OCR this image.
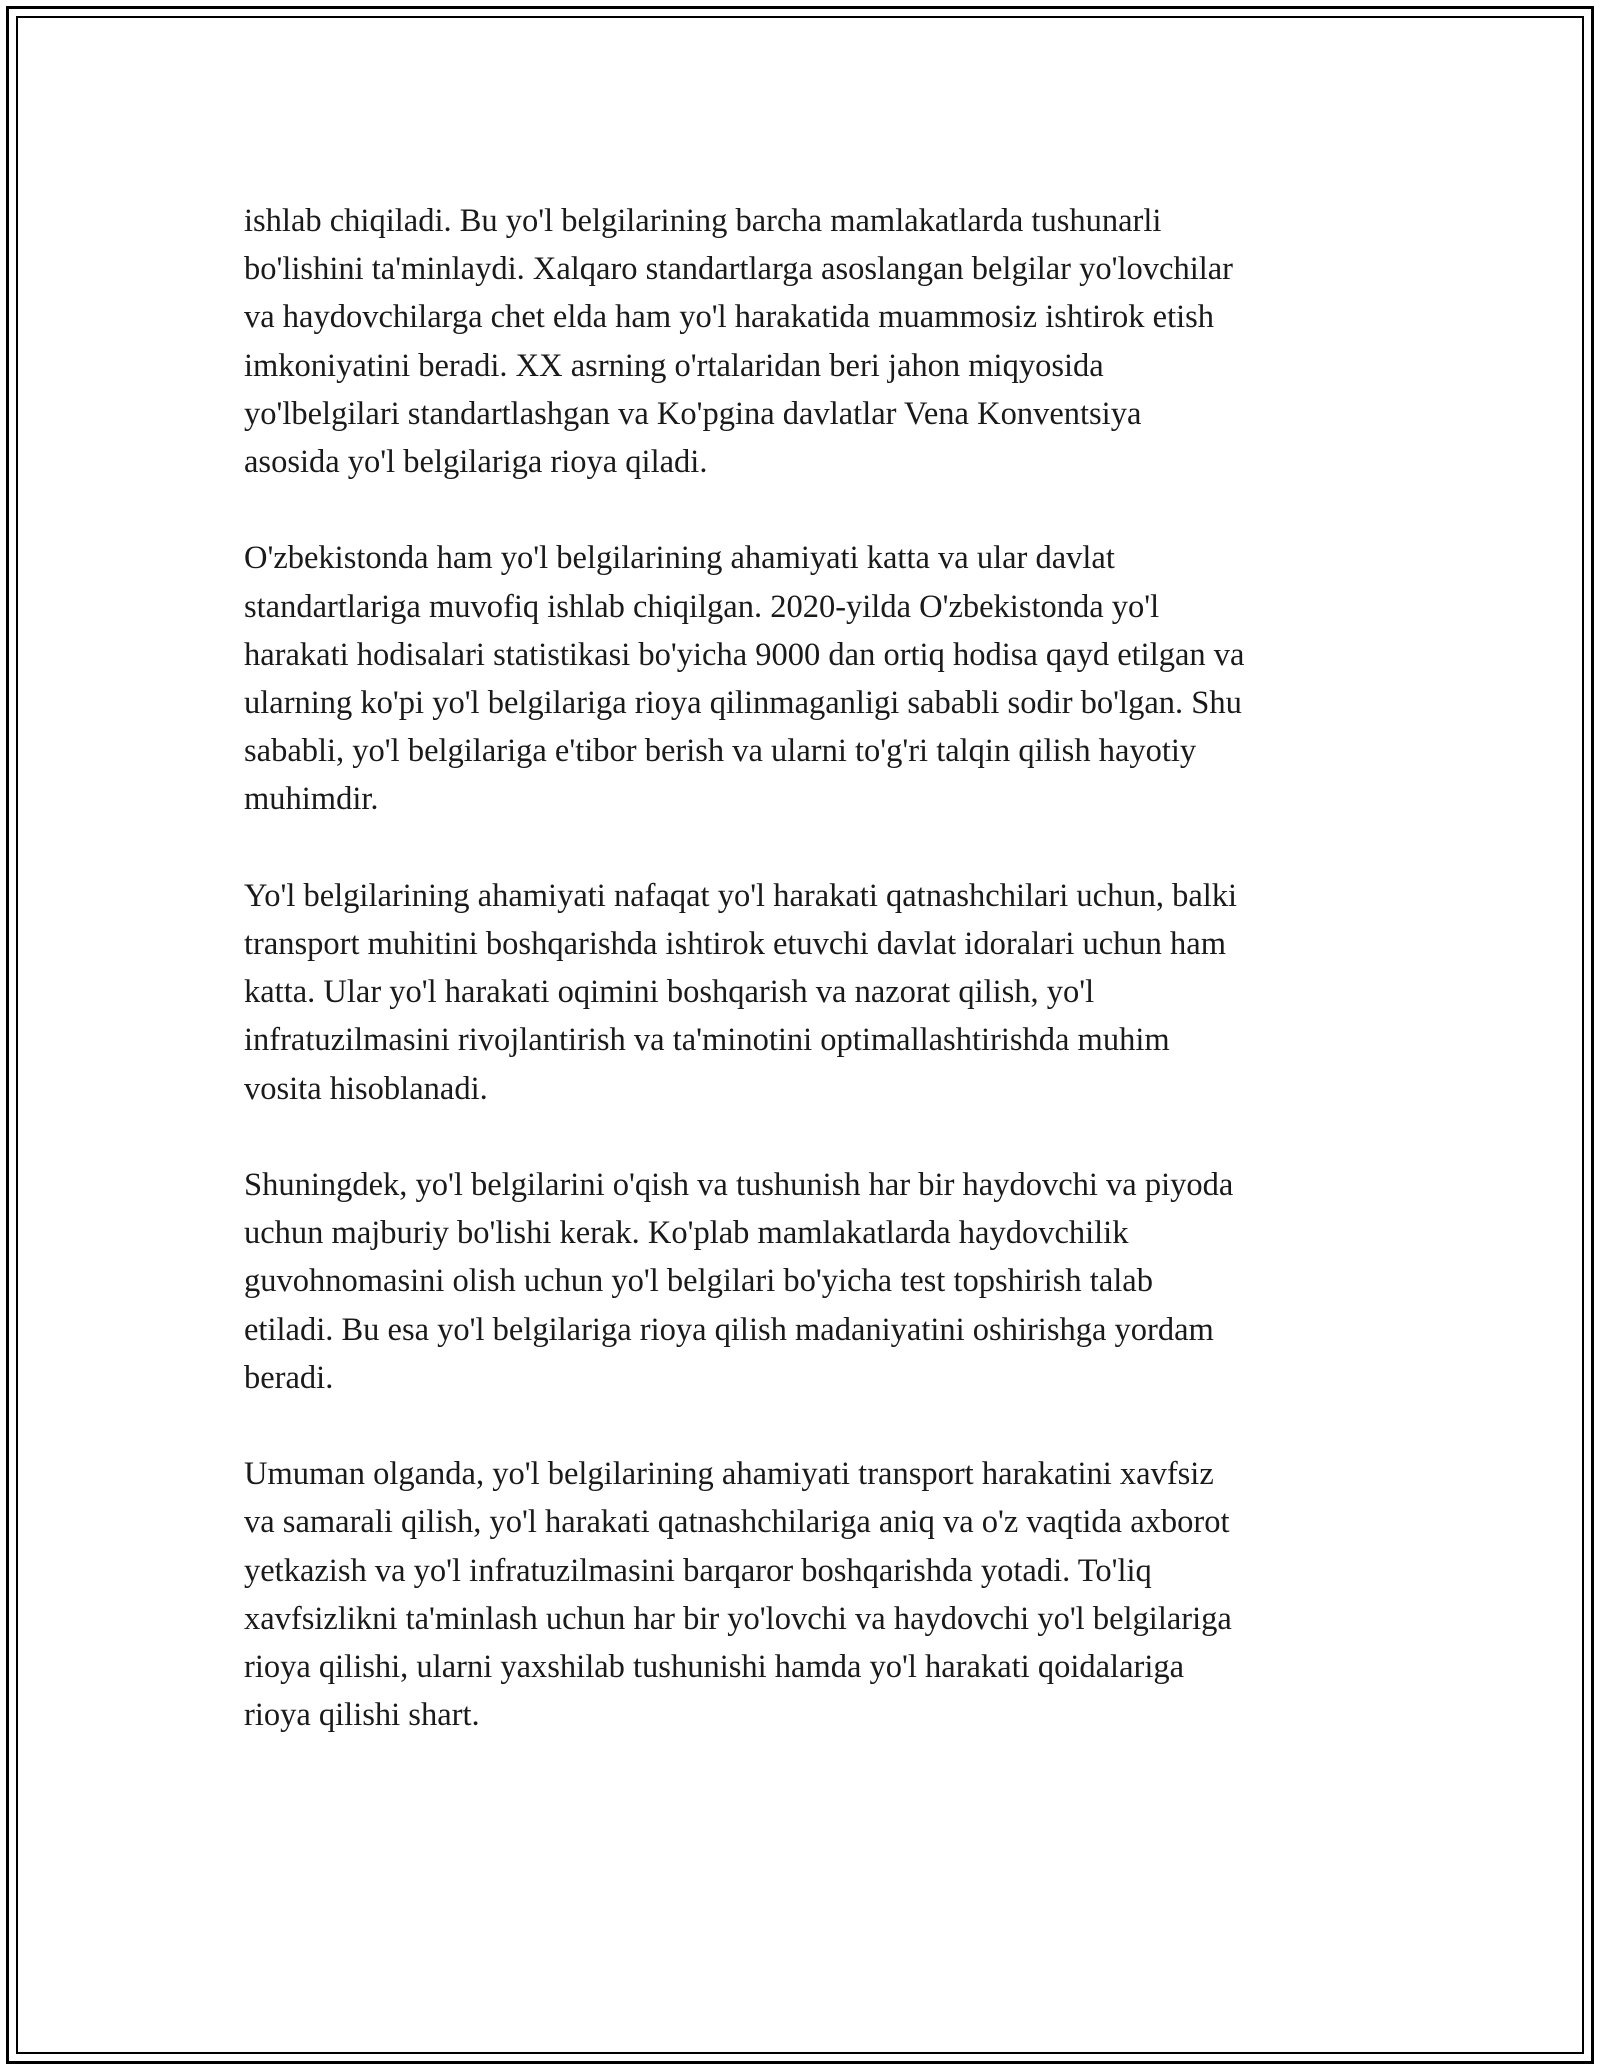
ishlab chiqiladi. Bu yo'l belgilarining barcha mamlakatlarda tushunarli
bo'lishini ta'minlaydi. Xalqaro standartlarga asoslangan belgilar yo'lovchilar
va haydovchilarga chet elda ham yo'l harakatida muammosiz ishtirok etish
imkoniyatini beradi. XX asrning o'rtalaridan beri jahon miqyosida
yo'lbelgilari standartlashgan va Ko'pgina davlatlar Vena Konventsiya
asosida yo'l belgilariga rioya qiladi.

O'zbekistonda ham yo'l belgilarining ahamiyati katta va ular davlat
standartlariga muvofiq ishlab chiqilgan. 2020-yilda O'zbekistonda yo'l
harakati hodisalari statistikasi bo'yicha 9000 dan ortiq hodisa qayd etilgan va
ularning ko'pi yo'l belgilariga rioya qilinmaganligi sababli sodir bo'lgan. Shu
sababli, yo'l belgilariga e'tibor berish va ularni to'g'ri talqin qilish hayotiy
muhimdir.

Yo'l belgilarining ahamiyati nafaqat yo'l harakati qatnashchilari uchun, balki
transport muhitini boshqarishda ishtirok etuvchi davlat idoralari uchun ham
katta. Ular yo'l harakati oqimini boshqarish va nazorat qilish, yo'l
infratuzilmasini rivojlantirish va ta'minotini optimallashtirishda muhim
vosita hisoblanadi.

Shuningdek, yo'l belgilarini o'qish va tushunish har bir haydovchi va piyoda
uchun majburiy bo'lishi kerak. Ko'plab mamlakatlarda haydovchilik
guvohnomasini olish uchun yo'l belgilari bo'yicha test topshirish talab
etiladi. Bu esa yo'l belgilariga rioya qilish madaniyatini oshirishga yordam
beradi.

Umuman olganda, yo'l belgilarining ahamiyati transport harakatini xavfsiz
va samarali qilish, yo'l harakati qatnashchilariga aniq va o'z vaqtida axborot
yetkazish va yo'l infratuzilmasini barqaror boshqarishda yotadi. To'liq
xavfsizlikni ta'minlash uchun har bir yo'lovchi va haydovchi yo'l belgilariga
rioya qilishi, ularni yaxshilab tushunishi hamda yo'l harakati qoidalariga
rioya qilishi shart.
